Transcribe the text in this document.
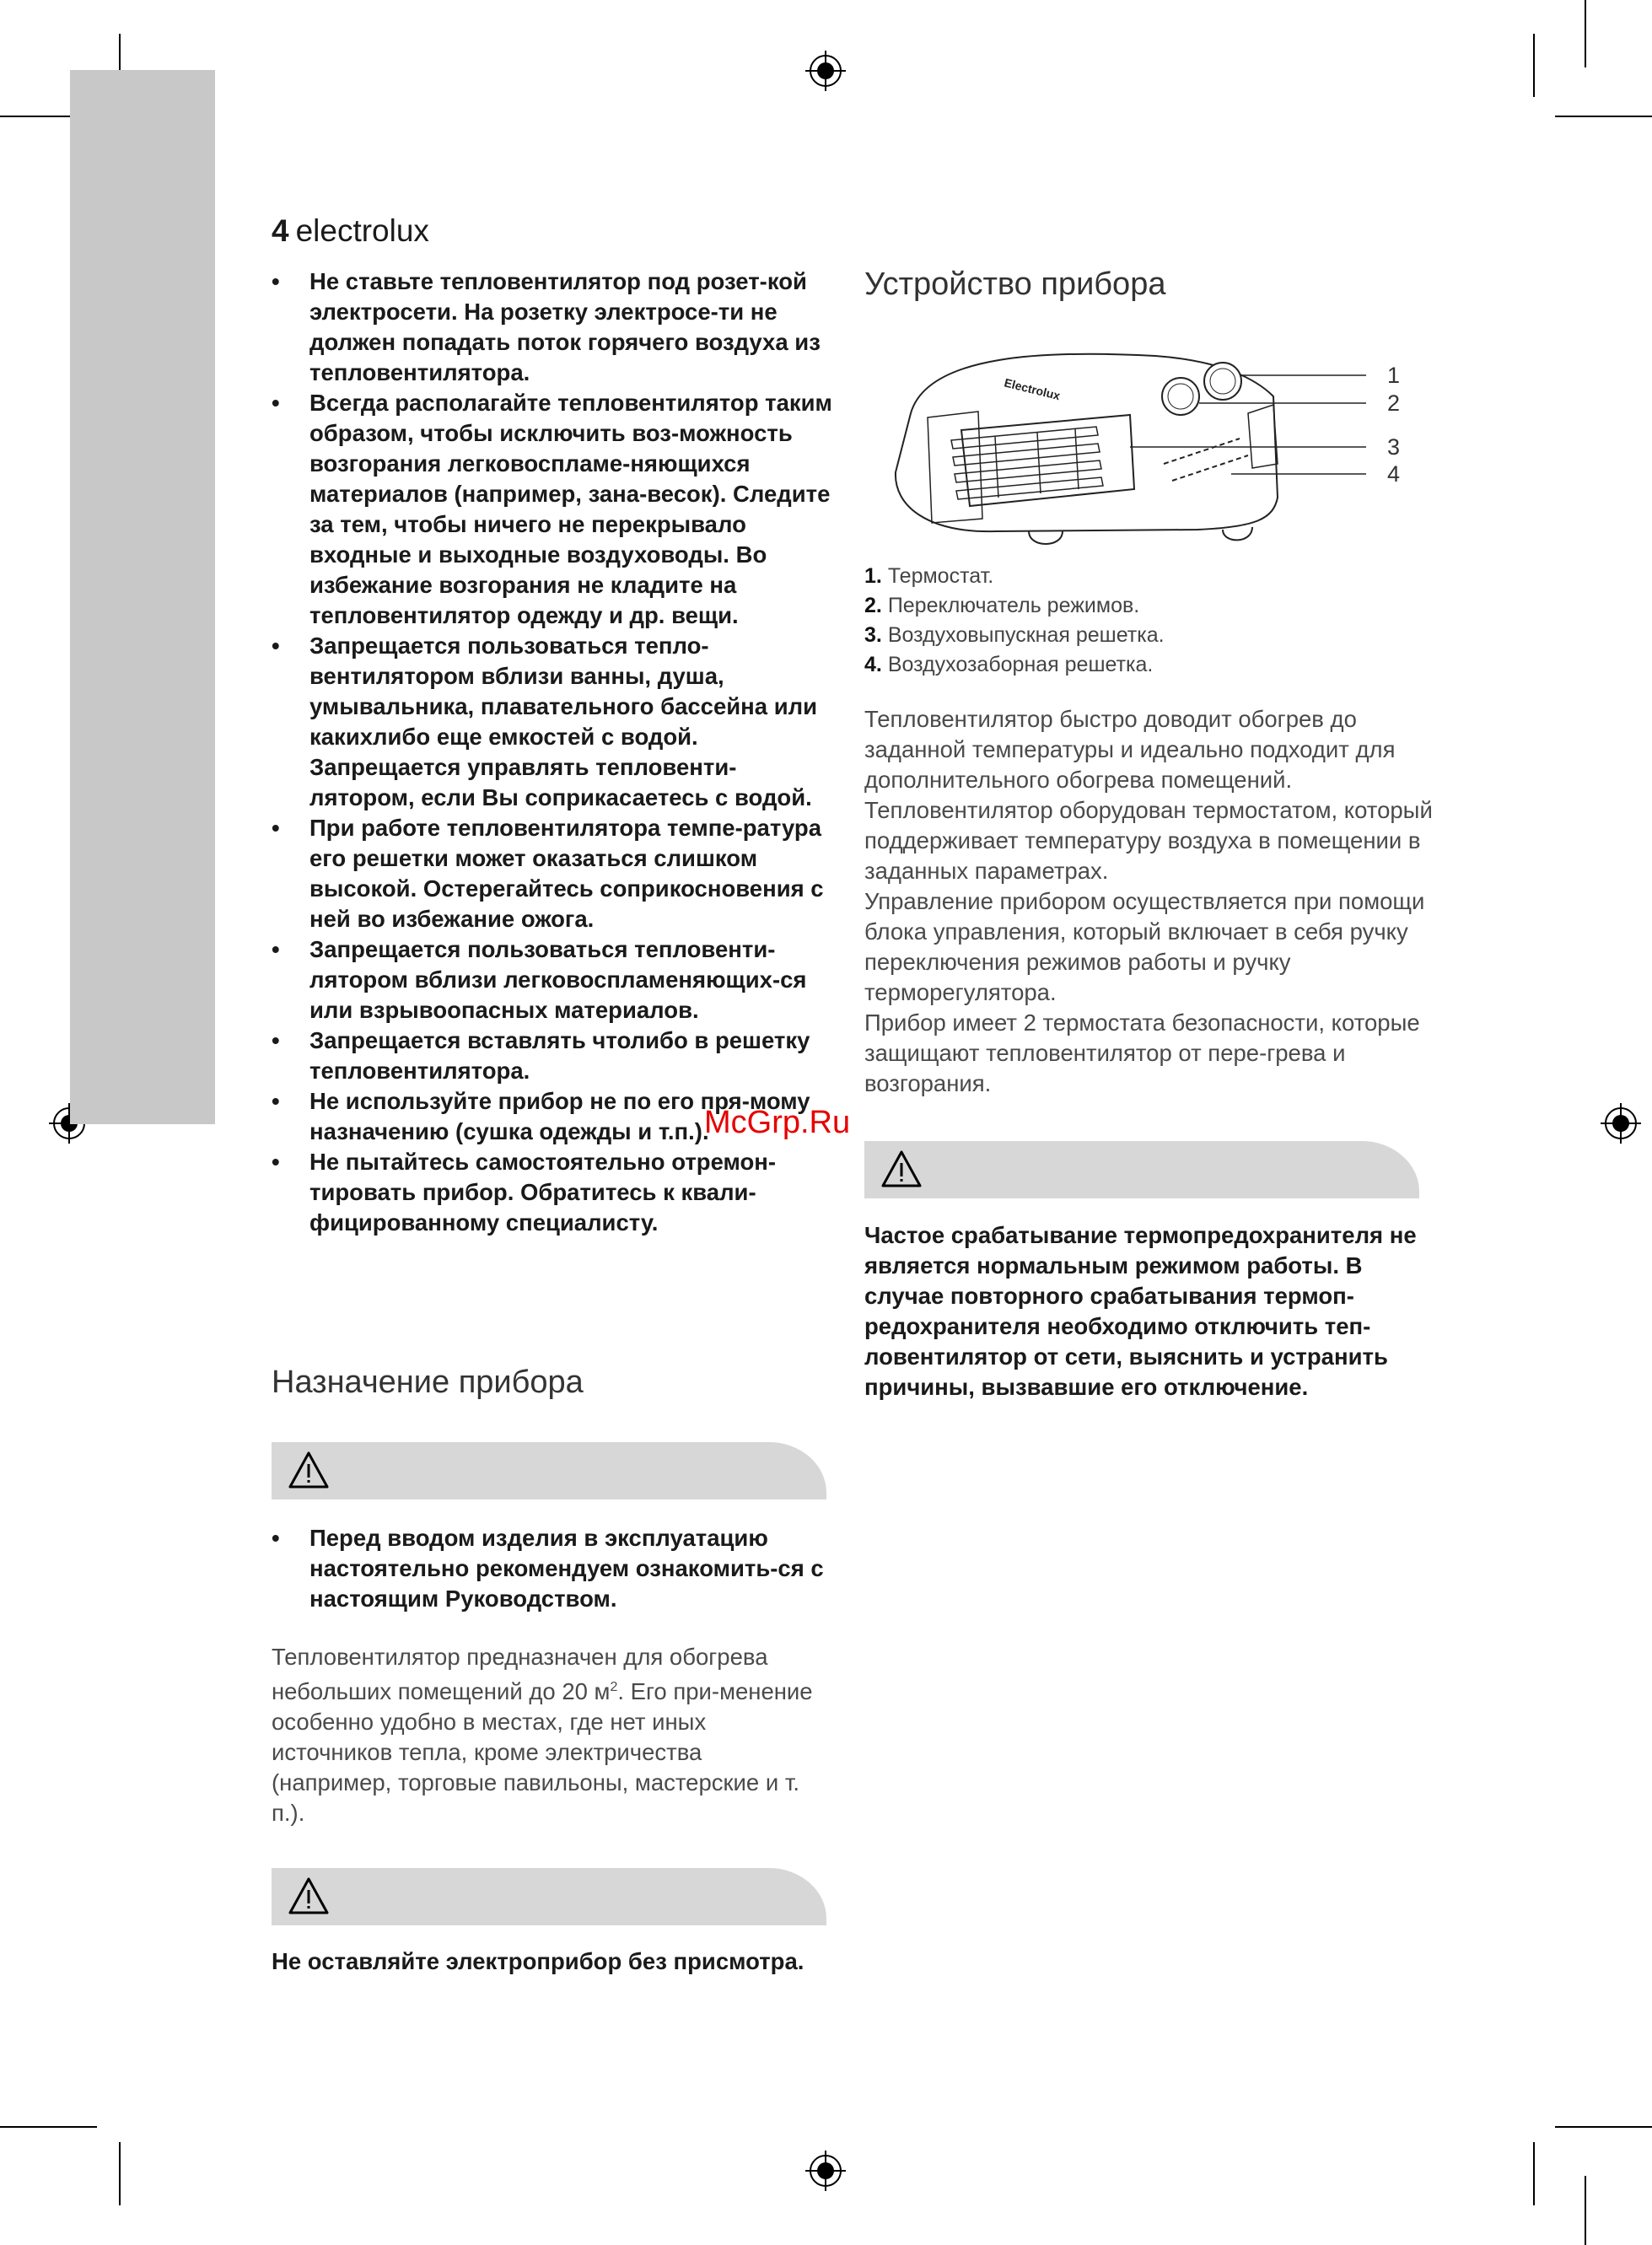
4 electrolux
• Не ставьте тепловентилятор под розет-кой электросети. На розетку электросе-ти не должен попадать поток горячего воздуха из тепловентилятора.
• Всегда располагайте тепловентилятор таким образом, чтобы исключить воз-можность возгорания легковоспламе-няющихся материалов (например, зана-весок). Следите за тем, чтобы ничего не перекрывало входные и выходные воздуховоды. Во избежание возгорания не кладите на тепловентилятор одежду и др. вещи.
• Запрещается пользоваться тепло-вентилятором вблизи ванны, душа, умывальника, плавательного бассейна или какихлибо еще емкостей с водой. Запрещается управлять тепловенти-лятором, если Вы соприкасаетесь с водой.
• При работе тепловентилятора темпе-ратура его решетки может оказаться слишком высокой. Остерегайтесь соприкосновения с ней во избежание ожога.
• Запрещается пользоваться тепловенти-лятором вблизи легковоспламеняющих-ся или взрывоопасных материалов.
• Запрещается вставлять чтолибо в решетку тепловентилятора.
• Не используйте прибор не по его пря-мому назначению (сушка одежды и т.п.).
• Не пытайтесь самостоятельно отремон-тировать прибор. Обратитесь к квали-фицированному специалисту.
Назначение прибора
• Перед вводом изделия в эксплуатацию настоятельно рекомендуем ознакомить-ся с настоящим Руководством.
Тепловентилятор предназначен для обогрева небольших помещений до 20 $м^2$. Его при-менение особенно удобно в местах, где нет иных источников тепла, кроме электричества (например, торговые павильоны, мастерские и т. п.).
Не оставляйте электроприбор без присмотра.
Устройство прибора
Electrolux
1
2
3
4
1. Термостат.
2. Переключатель режимов.
3. Воздуховыпускная решетка.
4. Воздухозаборная решетка.
Тепловентилятор быстро доводит обогрев до заданной температуры и идеально подходит для дополнительного обогрева помещений. Тепловентилятор оборудован термостатом, который поддерживает температуру воздуха в помещении в заданных параметрах.
Управление прибором осуществляется при помощи блока управления, который включает в себя ручку переключения режимов работы и ручку терморегулятора.
Прибор имеет 2 термостата безопасности, которые защищают тепловентилятор от пере-грева и возгорания.
Частое срабатывание термопредохранителя не является нормальным режимом работы. В случае повторного срабатывания термоп-редохранителя необходимо отключить теп-ловентилятор от сети, выяснить и устранить причины, вызвавшие его отключение.
McGrp.Ru
